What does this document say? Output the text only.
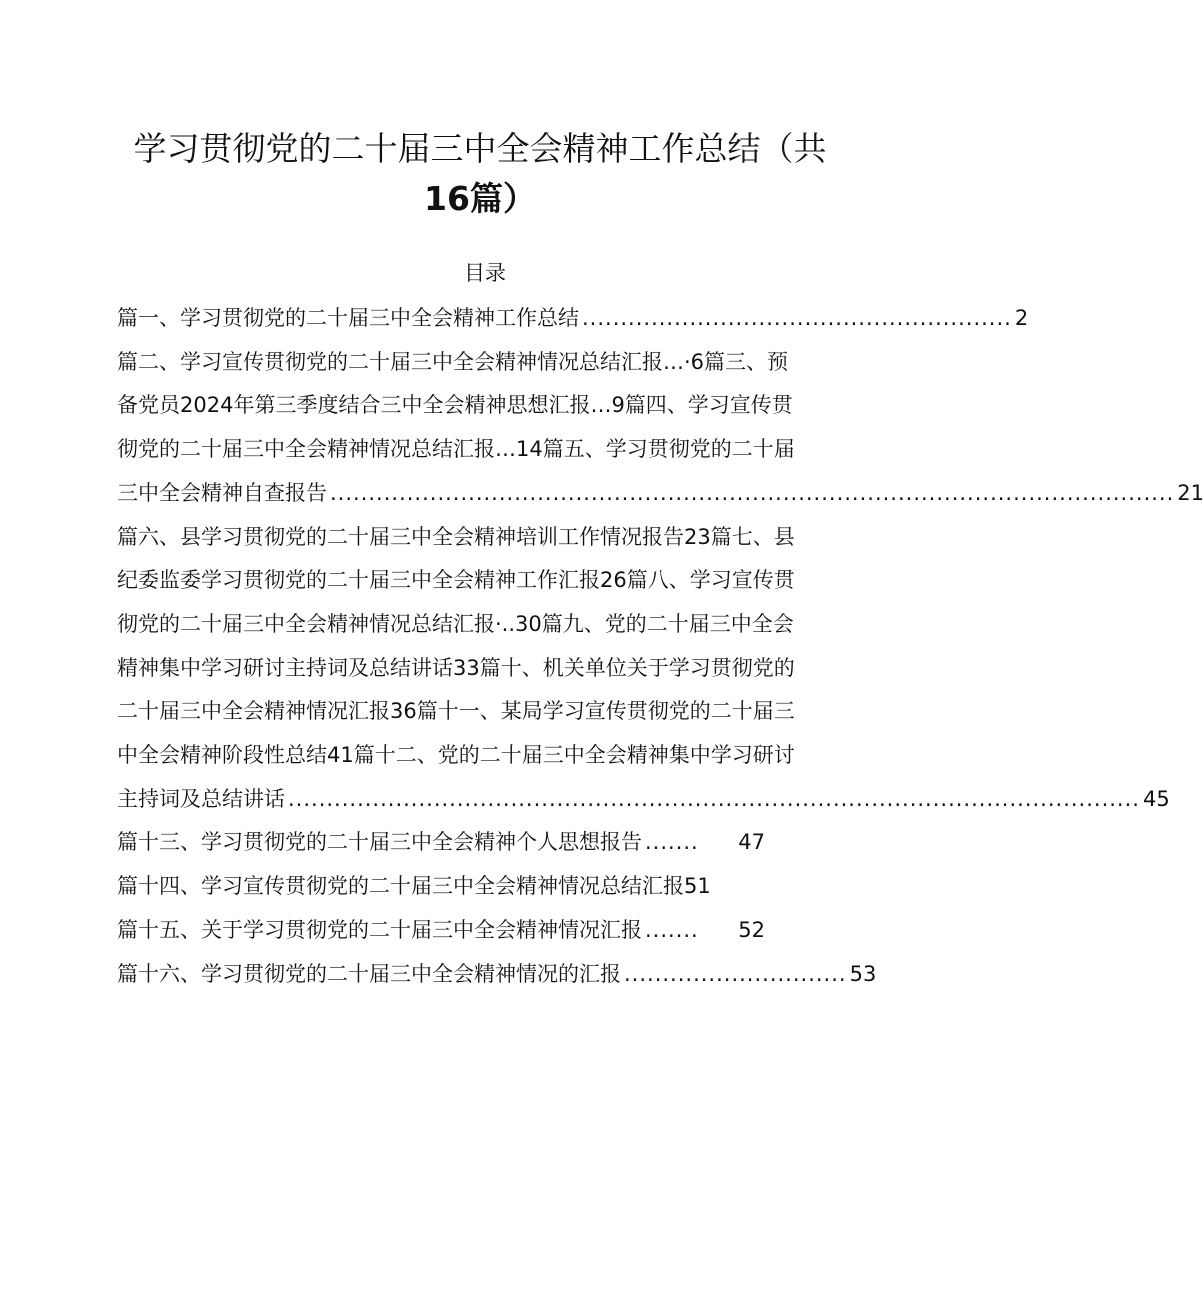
学习贯彻党的二十届三中全会精神工作总结（共
16篇）
目录
篇一、学习贯彻党的二十届三中全会精神工作总结 ........................................................ 2
篇二、学习宣传贯彻党的二十届三中全会精神情况总结汇报…·6篇三、预
备党员2024年第三季度结合三中全会精神思想汇报…9篇四、学习宣传贯
彻党的二十届三中全会精神情况总结汇报…14篇五、学习贯彻党的二十届
三中全会精神自查报告 .............................................................................................................. 21
篇六、县学习贯彻党的二十届三中全会精神培训工作情况报告23篇七、县
纪委监委学习贯彻党的二十届三中全会精神工作汇报26篇八、学习宣传贯
彻党的二十届三中全会精神情况总结汇报·..30篇九、党的二十届三中全会
精神集中学习研讨主持词及总结讲话33篇十、机关单位关于学习贯彻党的
二十届三中全会精神情况汇报36篇十一、某局学习宣传贯彻党的二十届三
中全会精神阶段性总结41篇十二、党的二十届三中全会精神集中学习研讨
主持词及总结讲话 ............................................................................................................... 45
篇十三、学习贯彻党的二十届三中全会精神个人思想报告 .......	47
篇十四、学习宣传贯彻党的二十届三中全会精神情况总结汇报51
篇十五、关于学习贯彻党的二十届三中全会精神情况汇报 .......	52
篇十六、学习贯彻党的二十届三中全会精神情况的汇报 ............................. 53
